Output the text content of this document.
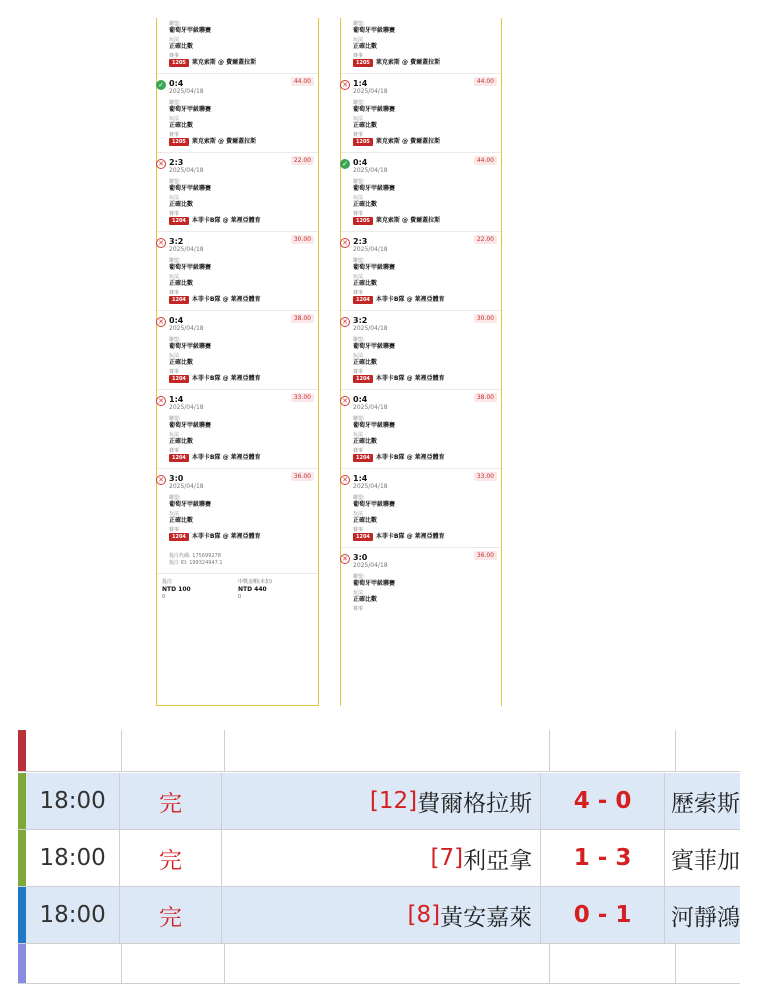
聯盟:
葡萄牙甲級聯賽
玩法
正確比數
賽事
1205	莱克索斯 @ 費爾蓋拉斯
✓ 0:4
2025/04/18
44.00
聯盟:
葡萄牙甲級聯賽
玩法
正確比數
賽事
1205	莱克索斯 @ 費爾蓋拉斯
✕ 2:3
2025/04/18
22.00
聯盟:
葡萄牙甲級聯賽
玩法
正確比數
賽事
1204	本菲卡B隊 @ 莱裡亞體育
✕ 3:2
2025/04/18
30.00
聯盟:
葡萄牙甲級聯賽
玩法
正確比數
賽事
1204	本菲卡B隊 @ 莱裡亞體育
✕ 0:4
2025/04/18
38.00
聯盟:
葡萄牙甲級聯賽
玩法
正確比數
賽事
1204	本菲卡B隊 @ 莱裡亞體育
✕ 1:4
2025/04/18
33.00
聯盟:
葡萄牙甲級聯賽
玩法
正確比數
賽事
1204	本菲卡B隊 @ 莱裡亞體育
✕ 3:0
2025/04/18
36.00
聯盟:
葡萄牙甲級聯賽
玩法
正確比數
賽事
1204	本菲卡B隊 @ 莱裡亞體育
投注代碼: 175699278
投注 ID: 199324947.1
投注
NTD 100
0
中獎金額(未扣)
NTD 440
0
聯盟:
葡萄牙甲級聯賽
玩法
正確比數
賽事
1205	莱克索斯 @ 費爾蓋拉斯
✕ 1:4
2025/04/18
44.00
聯盟:
葡萄牙甲級聯賽
玩法
正確比數
賽事
1205	莱克索斯 @ 費爾蓋拉斯
✓ 0:4
2025/04/18
44.00
聯盟:
葡萄牙甲級聯賽
玩法
正確比數
賽事
1205	莱克索斯 @ 費爾蓋拉斯
✕ 2:3
2025/04/18
22.00
聯盟:
葡萄牙甲級聯賽
玩法
正確比數
賽事
1204	本菲卡B隊 @ 莱裡亞體育
✕ 3:2
2025/04/18
30.00
聯盟:
葡萄牙甲級聯賽
玩法
正確比數
賽事
1204	本菲卡B隊 @ 莱裡亞體育
✕ 0:4
2025/04/18
38.00
聯盟:
葡萄牙甲級聯賽
玩法
正確比數
賽事
1204	本菲卡B隊 @ 莱裡亞體育
✕ 1:4
2025/04/18
33.00
聯盟:
葡萄牙甲級聯賽
玩法
正確比數
賽事
1204	本菲卡B隊 @ 莱裡亞體育
✕ 3:0
2025/04/18
36.00
聯盟:
葡萄牙甲級聯賽
玩法
正確比數
賽事
18:00	完	[12] 費爾格拉斯	4 - 0	歷索斯
18:00	完	[7] 利亞拿	1 - 3	賓菲加
18:00	完	[8] 黃安嘉萊	0 - 1	河靜鴻
